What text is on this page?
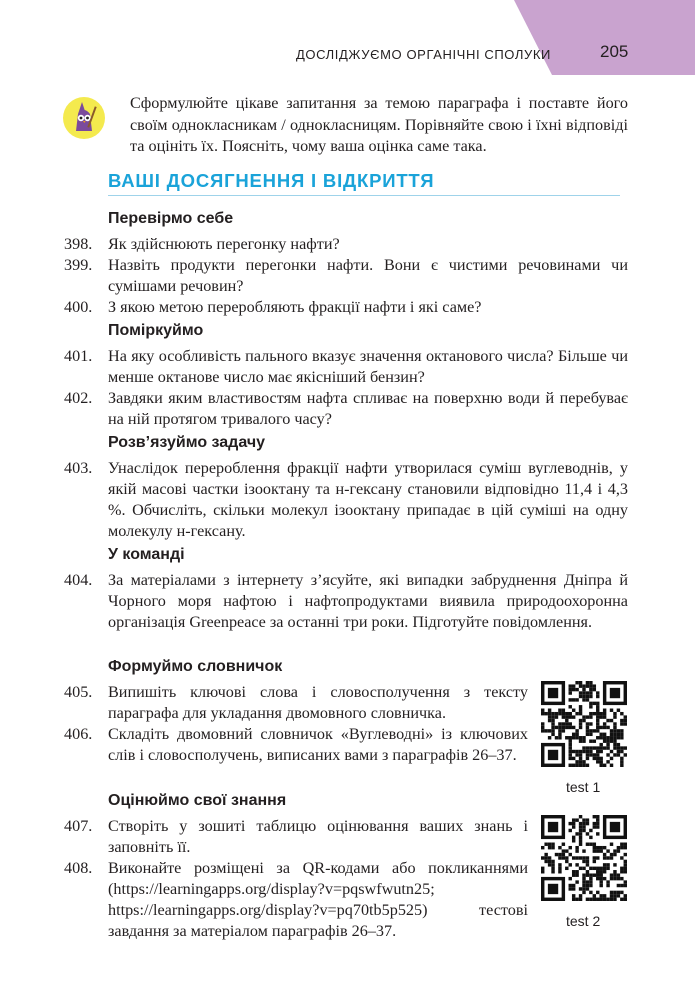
ДОСЛІДЖУЄМО ОРГАНІЧНІ СПОЛУКИ	205
Сформулюйте цікаве запитання за темою параграфа і поставте його своїм однокласникам / однокласницям. Порівняйте свою і їхні відповіді та оцініть їх. Поясніть, чому ваша оцінка саме така.
ВАШІ ДОСЯГНЕННЯ І ВІДКРИТТЯ
Перевірмо себе
398. Як здійснюють перегонку нафти?
399. Назвіть продукти перегонки нафти. Вони є чистими речовинами чи сумішами речовин?
400. З якою метою переробляють фракції нафти і які саме?
Поміркуймо
401. На яку особливість пального вказує значення октанового числа? Більше чи менше октанове число має якісніший бензин?
402. Завдяки яким властивостям нафта спливає на поверхню води й перебуває на ній протягом тривалого часу?
Розв’язуймо задачу
403. Унаслідок перероблення фракції нафти утворилася суміш вуглеводнів, у якій масові частки ізооктану та н-гексану становили відповідно 11,4 і 4,3 %. Обчисліть, скільки молекул ізооктану припадає в цій суміші на одну молекулу н-гексану.
У команді
404. За матеріалами з інтернету з’ясуйте, які випадки забруднення Дніпра й Чорного моря нафтою і нафтопродуктами виявила природоохоронна організація Greenpeace за останні три роки. Підготуйте повідомлення.
Формуймо словничок
405. Випишіть ключові слова і словосполучення з тексту параграфа для укладання двомовного словничка.
406. Складіть двомовний словничок «Вуглеводні» із ключових слів і словосполучень, виписаних вами з параграфів 26–37.
Оцінюймо свої знання
407. Створіть у зошиті таблицю оцінювання ваших знань і заповніть її.
408. Виконайте розміщені за QR-кодами або покликаннями (https://learningapps.org/display?v=pqswfwutn25; https://learningapps.org/display?v=pq70tb5p525) тестові завдання за матеріалом параграфів 26–37.
test 1
test 2
